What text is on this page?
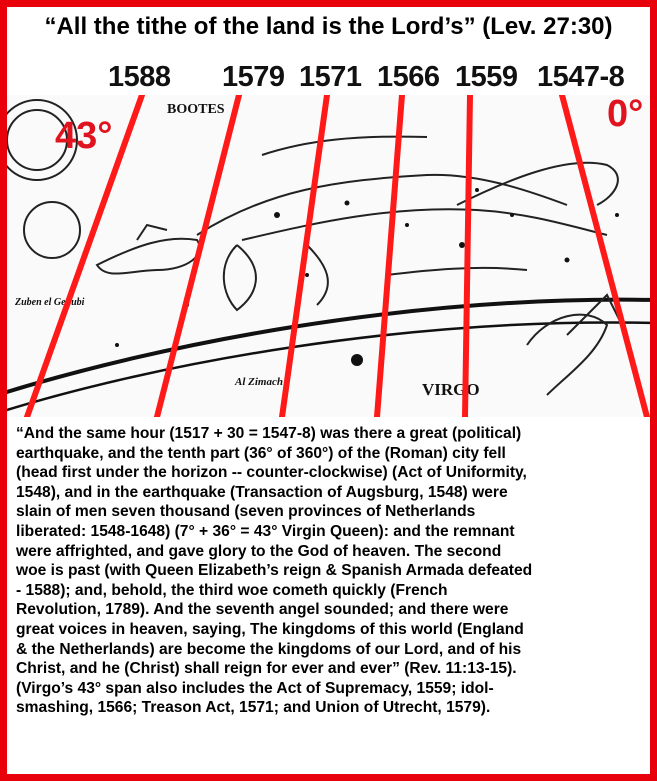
“All the tithe of the land is the Lord’s” (Lev. 27:30)
1588 1579 1571 1566 1559 1547-8
BOOTES
VIRGO
Al Zimach
Zuben el Genubi
43°
0°

“And the same hour (1517 + 30 = 1547-8) was there a great (political)

earthquake, and the tenth part (36° of 360°) of the (Roman) city fell

(head first under the horizon -- counter-clockwise) (Act of Uniformity,

1548), and in the earthquake (Transaction of Augsburg, 1548) were

slain of men seven thousand (seven provinces of Netherlands

liberated: 1548-1648) (7° + 36° = 43° Virgin Queen): and the remnant

were affrighted, and gave glory to the God of heaven. The second

woe is past (with Queen Elizabeth’s reign & Spanish Armada defeated

- 1588); and, behold, the third woe cometh quickly (French

Revolution, 1789). And the seventh angel sounded; and there were

great voices in heaven, saying, The kingdoms of this world (England

& the Netherlands) are become the kingdoms of our Lord, and of his

Christ, and he (Christ) shall reign for ever and ever” (Rev. 11:13-15).

(Virgo’s 43° span also includes the Act of Supremacy, 1559; idol-

smashing, 1566; Treason Act, 1571; and Union of Utrecht, 1579).
